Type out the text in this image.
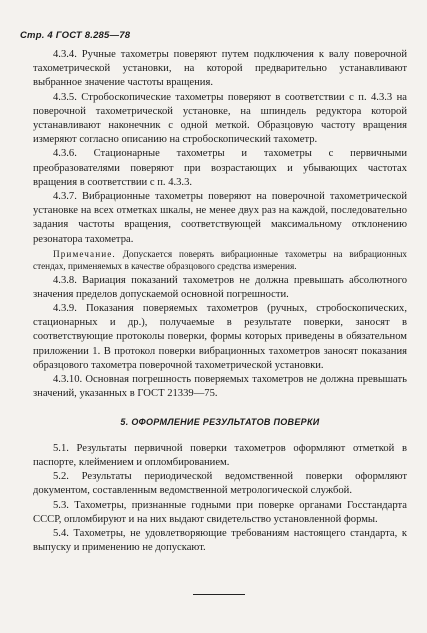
Стр. 4 ГОСТ 8.285—78

4.3.4. Ручные тахометры поверяют путем подключения к валу поверочной тахометрической установки, на которой предварительно устанавливают выбранное значение частоты вращения.

4.3.5. Стробоскопические тахометры поверяют в соответствии с п. 4.3.3 на поверочной тахометрической установке, на шпиндель редуктора которой устанавливают наконечник с одной меткой. Образцовую частоту вращения измеряют согласно описанию на стробоскопический тахометр.

4.3.6. Стационарные тахометры и тахометры с первичными преобразователями поверяют при возрастающих и убывающих частотах вращения в соответствии с п. 4.3.3.

4.3.7. Вибрационные тахометры поверяют на поверочной тахометрической установке на всех отметках шкалы, не менее двух раз на каждой, последовательно задания частоты вращения, соответствующей максимальному отклонению резонатора тахометра.

Примечание. Допускается поверять вибрационные тахометры на вибрационных стендах, применяемых в качестве образцового средства измерения.

4.3.8. Вариация показаний тахометров не должна превышать абсолютного значения пределов допускаемой основной погрешности.

4.3.9. Показания поверяемых тахометров (ручных, стробоскопических, стационарных и др.), получаемые в результате поверки, заносят в соответствующие протоколы поверки, формы которых приведены в обязательном приложении 1. В протокол поверки вибрационных тахометров заносят показания образцового тахометра поверочной тахометрической установки.

4.3.10. Основная погрешность поверяемых тахометров не должна превышать значений, указанных в ГОСТ 21339—75.

5. ОФОРМЛЕНИЕ РЕЗУЛЬТАТОВ ПОВЕРКИ

5.1. Результаты первичной поверки тахометров оформляют отметкой в паспорте, клеймением и опломбированием.

5.2. Результаты периодической ведомственной поверки оформляют документом, составленным ведомственной метрологической службой.

5.3. Тахометры, признанные годными при поверке органами Госстандарта СССР, опломбируют и на них выдают свидетельство установленной формы.

5.4. Тахометры, не удовлетворяющие требованиям настоящего стандарта, к выпуску и применению не допускают.
